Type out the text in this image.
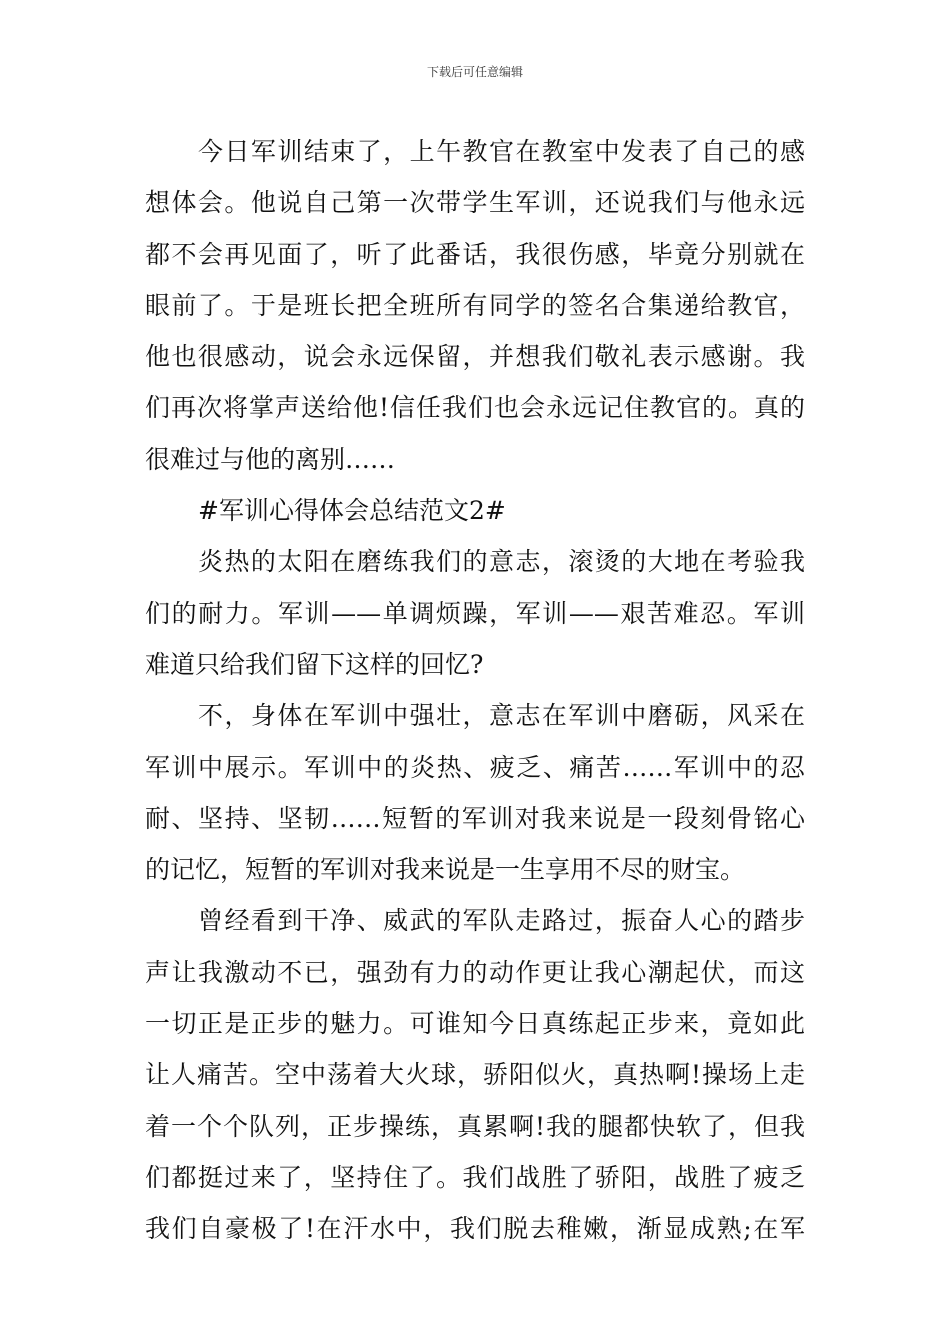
下载后可任意编辑
今日军训结束了，上午教官在教室中发表了自己的感
想体会。他说自己第一次带学生军训，还说我们与他永远
都不会再见面了，听了此番话，我很伤感，毕竟分别就在
眼前了。于是班长把全班所有同学的签名合集递给教官，
他也很感动，说会永远保留，并想我们敬礼表示感谢。我
们再次将掌声送给他!信任我们也会永远记住教官的。真的
很难过与他的离别……
#军训心得体会总结范文2#
炎热的太阳在磨练我们的意志，滚烫的大地在考验我
们的耐力。军训——单调烦躁，军训——艰苦难忍。军训
难道只给我们留下这样的回忆?
不，身体在军训中强壮，意志在军训中磨砺，风采在
军训中展示。军训中的炎热、疲乏、痛苦……军训中的忍
耐、坚持、坚韧……短暂的军训对我来说是一段刻骨铭心
的记忆，短暂的军训对我来说是一生享用不尽的财宝。
曾经看到干净、威武的军队走路过，振奋人心的踏步
声让我激动不已，强劲有力的动作更让我心潮起伏，而这
一切正是正步的魅力。可谁知今日真练起正步来，竟如此
让人痛苦。空中荡着大火球，骄阳似火，真热啊!操场上走
着一个个队列，正步操练，真累啊!我的腿都快软了，但我
们都挺过来了，坚持住了。我们战胜了骄阳，战胜了疲乏
我们自豪极了!在汗水中，我们脱去稚嫩，渐显成熟;在军
